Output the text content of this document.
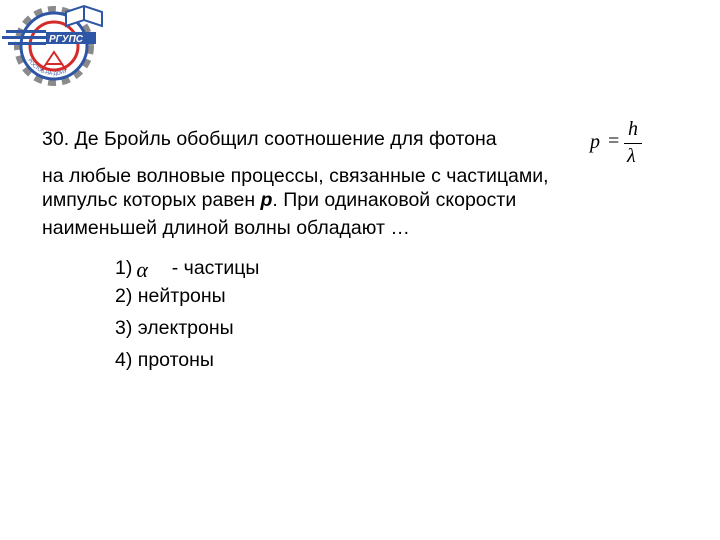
РГУПС
РОСТОВ-НА-ДОНУ
30. Де Бройль обобщил соотношение для фотона
на любые волновые процессы, связанные с частицами,
импульс которых равен p. При одинаковой скорости
наименьшей длиной волны обладают …
p =
h
λ
1) α - частицы
2) нейтроны
3) электроны
4) протоны
